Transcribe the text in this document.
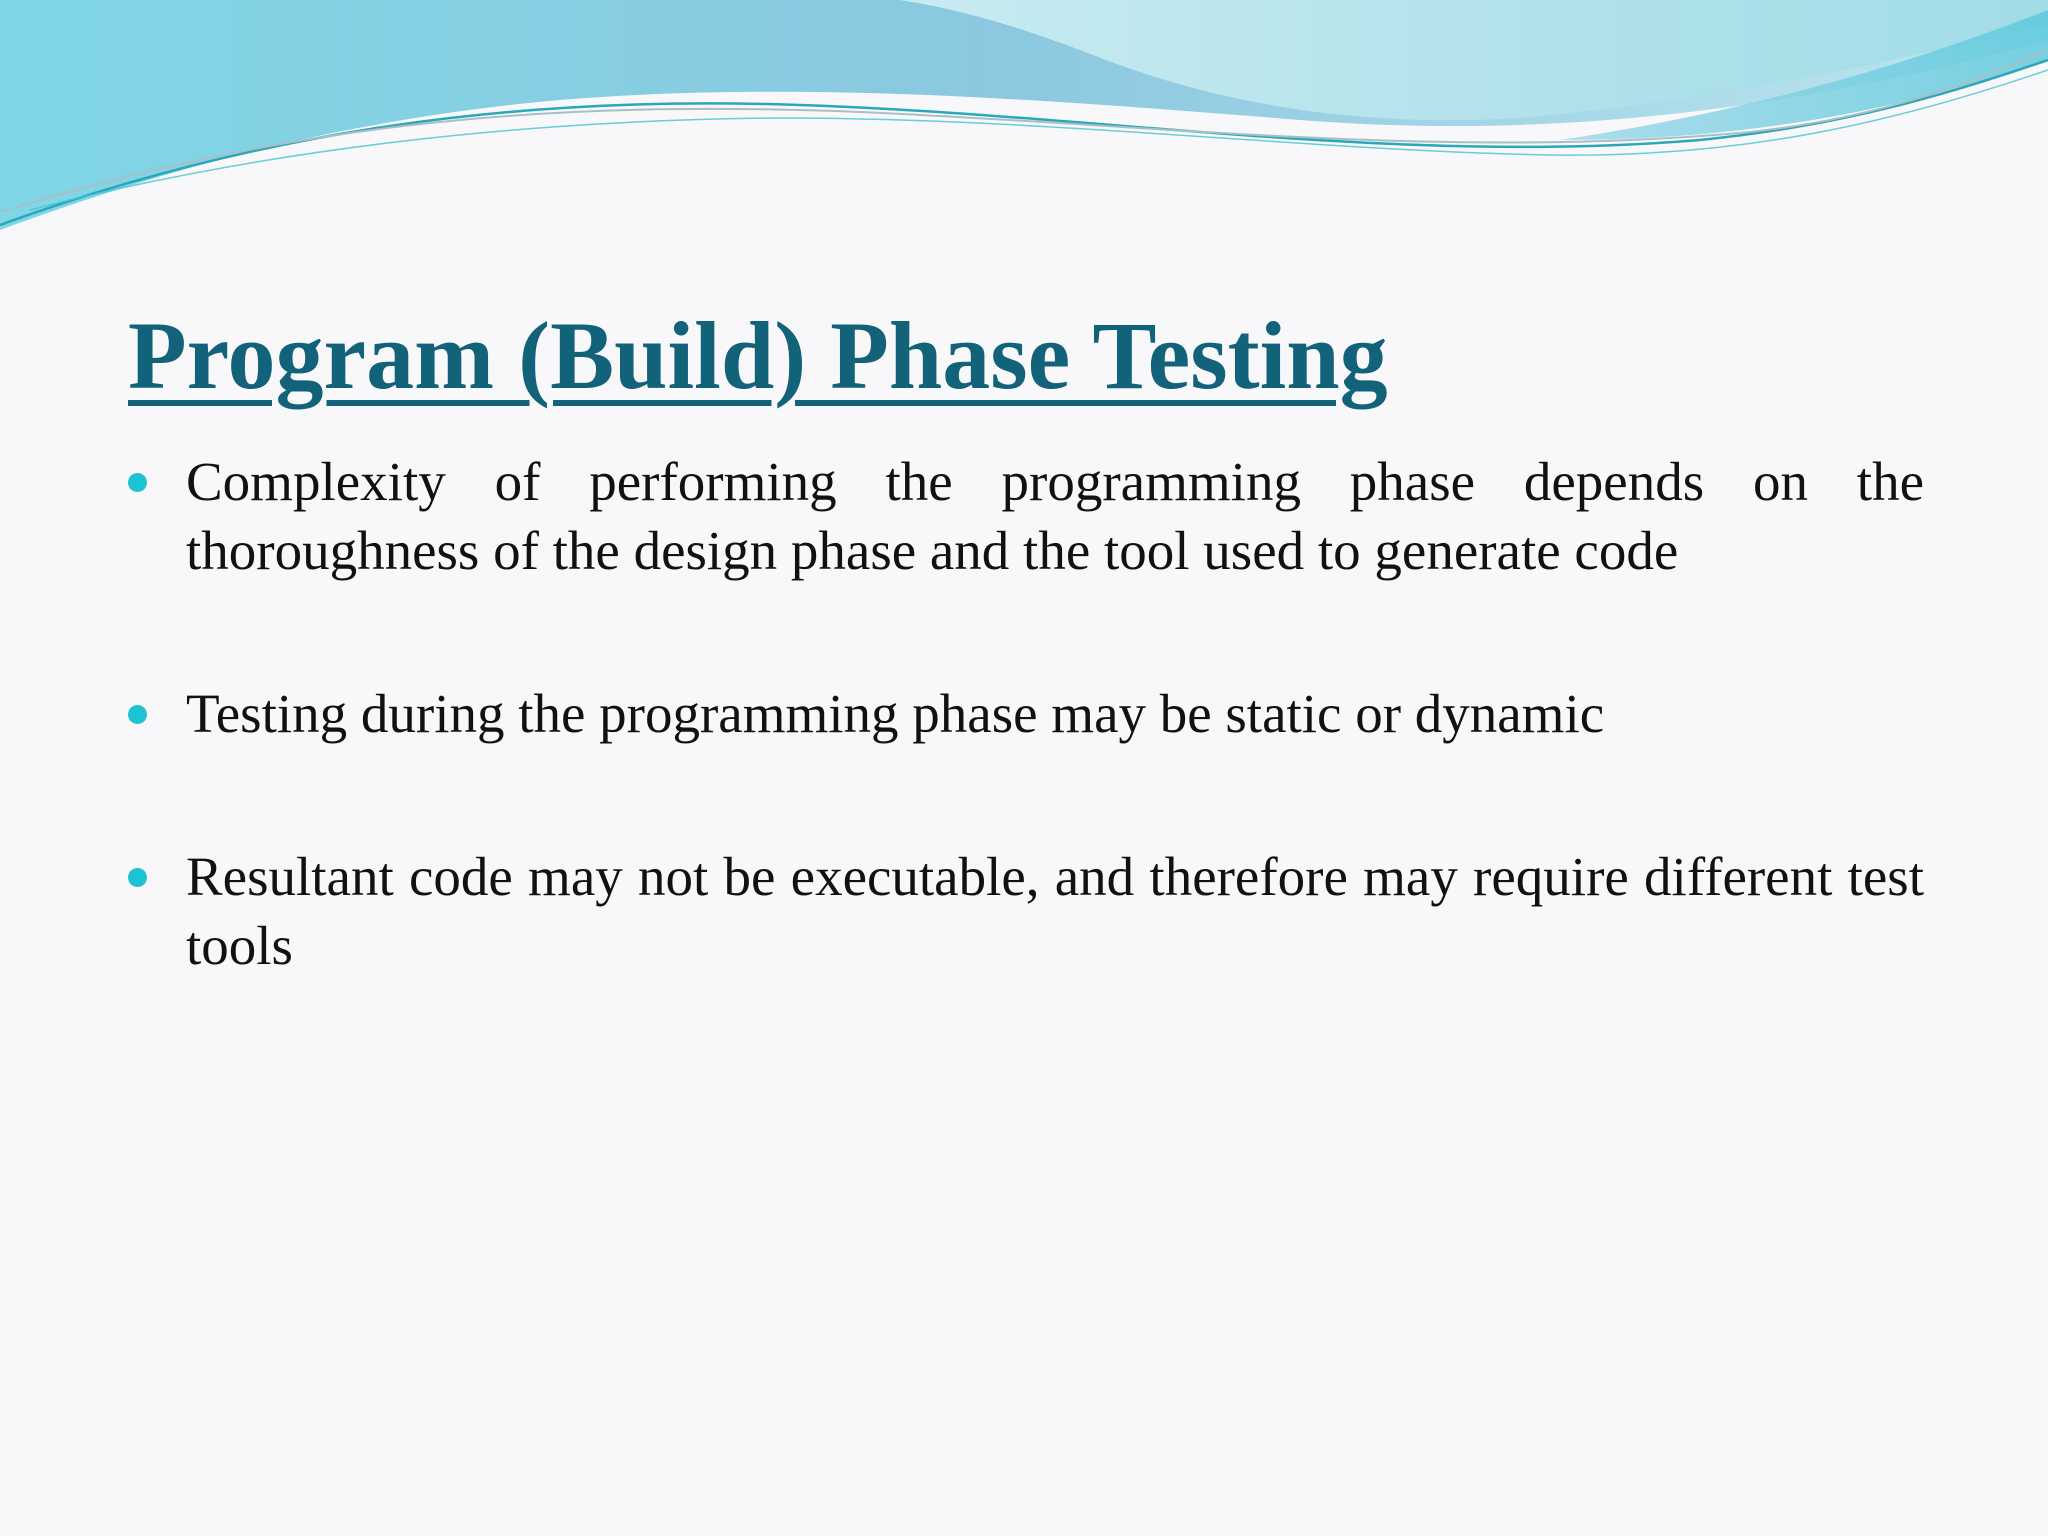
Program (Build) Phase Testing
Complexity of performing the programming phase depends on the thoroughness of the design phase and the tool used to generate code
Testing during the programming phase may be static or dynamic
Resultant code may not be executable, and therefore may require different test tools
